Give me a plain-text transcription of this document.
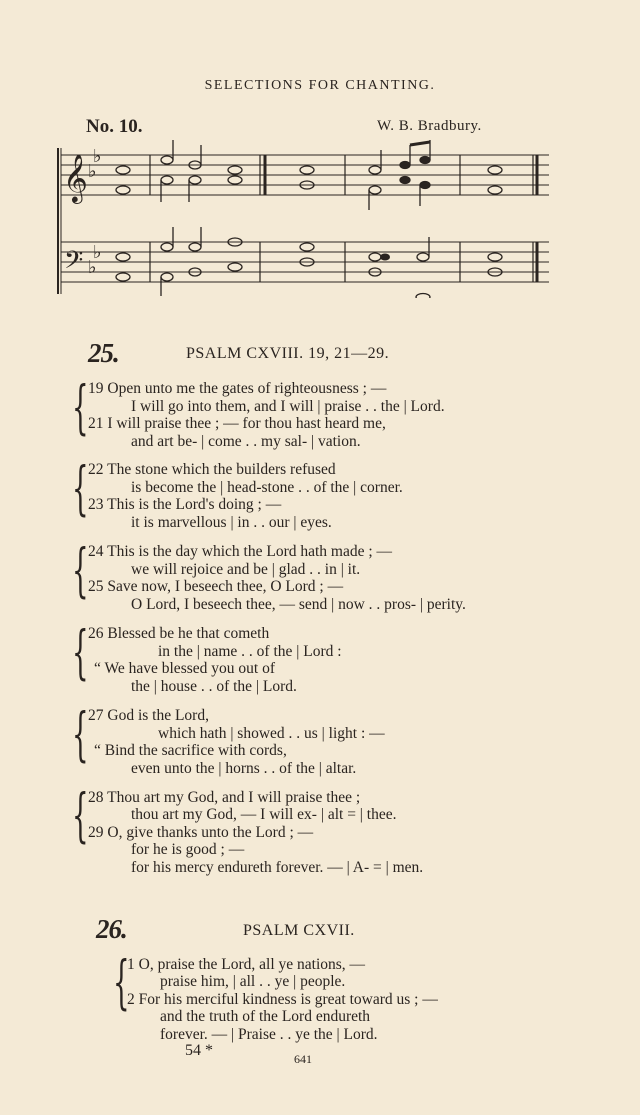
SELECTIONS FOR CHANTING.
No. 10.	W. B. Bradbury.
𝄞
𝄢
♭
♭
♭
♭
25.	PSALM CXVIII. 19, 21—29.
{ 19 Open unto me the gates of righteousness ; —
I will go into them, and I will | praise . . the | Lord.
21 I will praise thee ; — for thou hast heard me,
and art be- | come . . my sal- | vation.
{ 22 The stone which the builders refused
is become the | head-stone . . of the | corner.
23 This is the Lord's doing ; —
it is marvellous | in . . our | eyes.
{ 24 This is the day which the Lord hath made ; —
we will rejoice and be | glad . . in | it.
25 Save now, I beseech thee, O Lord ; —
O Lord, I beseech thee, — send | now . . pros- | perity.
{ 26 Blessed be he that cometh
in the | name . . of the | Lord :
“ We have blessed you out of
the | house . . of the | Lord.
{ 27 God is the Lord,
which hath | showed . . us | light : —
“ Bind the sacrifice with cords,
even unto the | horns . . of the | altar.
{ 28 Thou art my God, and I will praise thee ;
thou art my God, — I will ex- | alt = | thee.
29 O, give thanks unto the Lord ; —
for he is good ; —
for his mercy endureth forever. — | A- = | men.
26.	PSALM CXVII.
{
1 O, praise the Lord, all ye nations, —
praise him, | all . . ye | people.
2 For his merciful kindness is great toward us ; —
and the truth of the Lord endureth
forever. — | Praise . . ye the | Lord.
54 *	641
